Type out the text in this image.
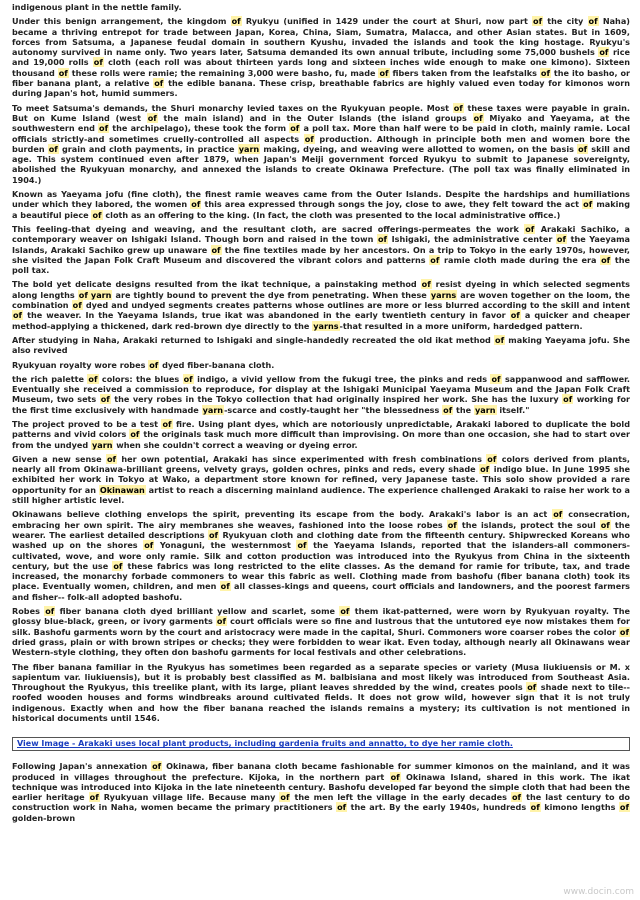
indigenous plant in the nettle family.
Under this benign arrangement, the kingdom of Ryukyu (unified in 1429 under the court at Shuri, now part of the city of Naha) became a thriving entrepot for trade between Japan, Korea, China, Siam, Sumatra, Malacca, and other Asian states. But in 1609, forces from Satsuma, a Japanese feudal domain in southern Kyushu, invaded the islands and took the king hostage. Ryukyu's autonomy survived in name only. Two years later, Satsuma demanded its own annual tribute, including some 75,000 bushels of rice and 19,000 rolls of cloth (each roll was about thirteen yards long and sixteen inches wide enough to make one kimono). Sixteen thousand of these rolls were ramie; the remaining 3,000 were basho, fu, made of fibers taken from the leafstalks of the ito basho, or fiber banana plant, a relative of the edible banana. These crisp, breathable fabrics are highly valued even today for kimonos worn during Japan's hot, humid summers.
To meet Satsuma's demands, the Shuri monarchy levied taxes on the Ryukyuan people. Most of these taxes were payable in grain. But on Kume Island (west of the main island) and in the Outer Islands (the island groups of Miyako and Yaeyama, at the southwestern end of the archipelago), these took the form of a poll tax. More than half were to be paid in cloth, mainly ramie. Local officials strictly-and sometimes cruelly-controlled all aspects of production. Although in principle both men and women bore the burden of grain and cloth payments, in practice yarn making, dyeing, and weaving were allotted to women, on the basis of skill and age. This system continued even after 1879, when Japan's Meiji government forced Ryukyu to submit to Japanese sovereignty, abolished the Ryukyuan monarchy, and annexed the islands to create Okinawa Prefecture. (The poll tax was finally eliminated in 1904.)
Known as Yaeyama jofu (fine cloth), the finest ramie weaves came from the Outer Islands. Despite the hardships and humiliations under which they labored, the women of this area expressed through songs the joy, close to awe, they felt toward the act of making a beautiful piece of cloth as an offering to the king. (In fact, the cloth was presented to the local administrative office.)
This feeling-that dyeing and weaving, and the resultant cloth, are sacred offerings-permeates the work of Arakaki Sachiko, a contemporary weaver on Ishigaki Island. Though born and raised in the town of Ishigaki, the administrative center of the Yaeyama Islands, Arakaki Sachiko grew up unaware of the fine textiles made by her ancestors. On a trip to Tokyo in the early 1970s, however, she visited the Japan Folk Craft Museum and discovered the vibrant colors and patterns of ramie cloth made during the era of the poll tax.
The bold yet delicate designs resulted from the ikat technique, a painstaking method of resist dyeing in which selected segments along lengths of yarn are tightly bound to prevent the dye from penetrating. When these yarns are woven together on the loom, the combination of dyed and undyed segments creates patterns whose outlines are more or less blurred according to the skill and intent of the weaver. In the Yaeyama Islands, true ikat was abandoned in the early twentieth century in favor of a quicker and cheaper method-applying a thickened, dark red-brown dye directly to the yarns-that resulted in a more uniform, hardedged pattern.
After studying in Naha, Arakaki returned to Ishigaki and single-handedly recreated the old ikat method of making Yaeyama jofu. She also revived
Ryukyuan royalty wore robes of dyed fiber-banana cloth.
the rich palette of colors: the blues of indigo, a vivid yellow from the fukugi tree, the pinks and reds of sappanwood and safflower. Eventually she received a commission to reproduce, for display at the Ishigaki Municipal Yaeyama Museum and the Japan Folk Craft Museum, two sets of the very robes in the Tokyo collection that had originally inspired her work. She has the luxury of working for the first time exclusively with handmade yarn-scarce and costly-taught her "the blessedness of the yarn itself."
The project proved to be a test of fire. Using plant dyes, which are notoriously unpredictable, Arakaki labored to duplicate the bold patterns and vivid colors of the originals task much more difficult than improvising. On more than one occasion, she had to start over from the undyed yarn when she couldn't correct a weaving or dyeing error.
Given a new sense of her own potential, Arakaki has since experimented with fresh combinations of colors derived from plants, nearly all from Okinawa-brilliant greens, velvety grays, golden ochres, pinks and reds, every shade of indigo blue. In June 1995 she exhibited her work in Tokyo at Wako, a department store known for refined, very Japanese taste. This solo show provided a rare opportunity for an Okinawan artist to reach a discerning mainland audience. The experience challenged Arakaki to raise her work to a still higher artistic level.
Okinawans believe clothing envelops the spirit, preventing its escape from the body. Arakaki's labor is an act of consecration, embracing her own spirit. The airy membranes she weaves, fashioned into the loose robes of the islands, protect the soul of the wearer. The earliest detailed descriptions of Ryukyuan cloth and clothing date from the fifteenth century. Shipwrecked Koreans who washed up on the shores of Yonaguni, the westernmost of the Yaeyama Islands, reported that the islanders-all commoners-cultivated, wove, and wore only ramie. Silk and cotton production was introduced into the Ryukyus from China in the sixteenth century, but the use of these fabrics was long restricted to the elite classes. As the demand for ramie for tribute, tax, and trade increased, the monarchy forbade commoners to wear this fabric as well. Clothing made from bashofu (fiber banana cloth) took its place. Eventually women, children, and men of all classes-kings and queens, court officials and landowners, and the poorest farmers and fisher-- folk-all adopted bashofu.
Robes of fiber banana cloth dyed brilliant yellow and scarlet, some of them ikat-patterned, were worn by Ryukyuan royalty. The glossy blue-black, green, or ivory garments of court officials were so fine and lustrous that the untutored eye now mistakes them for silk. Bashofu garments worn by the court and aristocracy were made in the capital, Shuri. Commoners wore coarser robes the color of dried grass, plain or with brown stripes or checks; they were forbidden to wear ikat. Even today, although nearly all Okinawans wear Western-style clothing, they often don bashofu garments for local festivals and other celebrations.
The fiber banana familiar in the Ryukyus has sometimes been regarded as a separate species or variety (Musa liukiuensis or M. x sapientum var. liukiuensis), but it is probably best classified as M. balbisiana and most likely was introduced from Southeast Asia. Throughout the Ryukyus, this treelike plant, with its large, pliant leaves shredded by the wind, creates pools of shade next to tile-- roofed wooden houses and forms windbreaks around cultivated fields. It does not grow wild, however sign that it is not truly indigenous. Exactly when and how the fiber banana reached the islands remains a mystery; its cultivation is not mentioned in historical documents until 1546.
View Image - Arakaki uses local plant products, including gardenia fruits and annatto, to dye her ramie cloth.
Following Japan's annexation of Okinawa, fiber banana cloth became fashionable for summer kimonos on the mainland, and it was produced in villages throughout the prefecture. Kijoka, in the northern part of Okinawa Island, shared in this work. The ikat technique was introduced into Kijoka in the late nineteenth century. Bashofu developed far beyond the simple cloth that had been the earlier heritage of Ryukyuan village life. Because many of the men left the village in the early decades of the last century to do construction work in Naha, women became the primary practitioners of the art. By the early 1940s, hundreds of kimono lengths of golden-brown
www.docin.com
